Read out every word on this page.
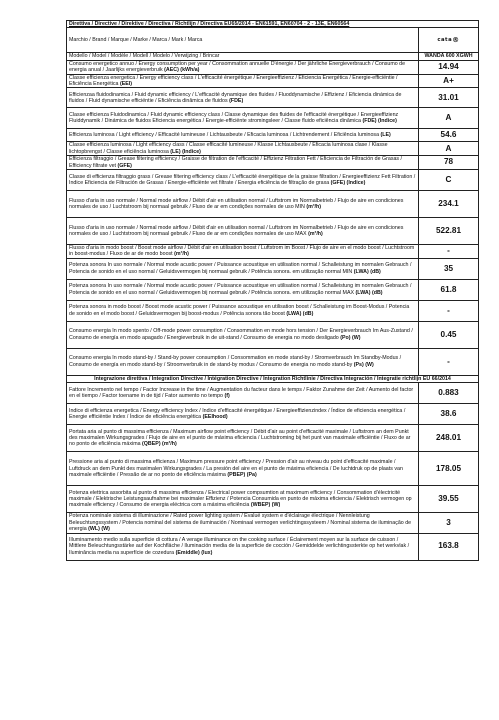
Direttiva / Directive / Direktive / Directiva / Richtlijn / Directiva EU65/2014 - EN61591, EN60704 - 2 - 13E, EN60564	
Marchio / Brand / Marque / Marke / Marca / Mark / Marca	cata®
Modello / Model / Modèle / Modell / Modelo / Verwijzing / Brincar	WANDA 600 XGWH
Consumo energetico annuo / Energy consumption per year / Consommation annuelle D'énergie / Der jährliche Energieverbrauch / Consumo de energia anual / Jaarlijks energieverbruik (AEC) (kWh/a)	14.94
Classe efficienza energetica / Energy efficiency class / L'efficacité énergétique / Energieeffizienz / Eficiencia Energética / Energie-efficiëntie / Eficiência Energética (EEI)	A+
Efficienzaa fluidodinamica / Fluid dynamic efficiency / L'efficacité dynamique des fluides / Fluoddynamische / Effizienz / Eficiencia dinámica de fluidos / Fluid dynamische efficiëntie / Eficiência dinâmica de fluidos (FDE)	31.01
Classe efficienza Fluidodinamica / Fluid dynamic efficiency class / Classe dynamique des fluides de l'efficacité énergétique / Energieeffizienz Fluiddynamik / Dinámica de fluidos Eficiencia energética / Energie-efficiënte stromingsleer / Classe fluido eficiência dinâmica (FDE) (Indice)	A
Efficienza luminosa / Light efficiency / Efficacité lumineuse / Lichtausbeute / Eficacia luminosa / Lichtrendement / Eficiência luminosa (LE)	54.6
Classe efficienza luminosa / Light efficiency class / Classe efficacité lumineuse / Klasse Lichtausbeute / Eficacia luminosa clase / Klasse lichtopbrengst / Classe eficiência luminosa (LE) (Indice)	A
Efficienza filtraggio / Grease filtering efficiency / Graisse de filtration de l'efficacité / Effizienz Filtration Fett / Eficiencia de Filtración de Grasas / Efficiency filtrate vet (GFE)	78
Classe di efficienza filtraggio grass / Grease filtering efficiency class / L'efficacité énergétique de la graisse filtration / Energieeffizienz Fett Filtration / Indice Eficiencia de Filtración de Grasas / Energie-efficiënte vet filtrate / Energia eficiência de filtração de graxa (GFE) (Indice)	C
Flusso d'aria in uso normale / Normal mode airflow / Débit d'air en utilisation normal / Luftstrom im Normalbetrieb / Flujo de aire en condiciones normales de uso / Luchtstroom bij normaal gebruik / Fluxo de ar em condições normales de uso MIN (m³/h)	234.1
Flusso d'aria in uso normale / Normal mode airflow / Débit d'air en utilisation normal / Luftstrom im Normalbetrieb / Flujo de aire en condiciones normales de uso / Luchtstroom bij normaal gebruik / Fluxo de ar em condições normales de uso MAX (m³/h)	522.81
Flusso d'aria in modo boost / Boost mode airflow / Débit d'air en utilisation boost / Luftstrom im Boost / Flujo de aire en el modo boost / Luchtstroom in boost-modus / Fluxo de ar de modo boost (m³/h)	-
Potenza sonora In uso normale / Normal mode acustic power / Puissance acoustique en utilisation normal / Schalleistung im normalen Gebrauch / Potencia de sonido en el uso normal / Geluidsvermogen bij normaal gebruik / Potência sonora. em utilização normal MIN (LWA) (dB)	35
Potenza sonora In uso normale / Normal mode acustic power / Puissance acoustique en utilisation normal / Schalleistung im normalen Gebrauch / Potencia de sonido en el uso normal / Geluidsvermogen bij normaal gebruik / Potência sonora. em utilização normal MAX (LWA) (dB)	61.8
Potenza sonora in modo boost / Boost mode acustic power / Puissance acoustique en utilisation boost / Schalleistung im Boost-Modus / Potencia de sonido en el modo boost / Geluidsvermogen bij boost-modus / Potência sonora tão boost (LWA) (dB)	-
Consumo energia In modo spento / Off-mode power consumption / Consommation en mode hors tension / Der Energieverbrauch Im Aus-Zustand / Consumo de energía en modo apagado / Energieverbruik in de uit-stand / Consumo de energia no modo desligado (Po) (W)	0.45
Consumo energia In modo stand-by / Stand-by power consumption / Consommation en mode stand-by / Stromverbrauch Im Standby-Modus / Consumo de energía en modo stand-by / Stroomverbruik in de stand-by modus / Consumo de energia no modo stand-by (Ps) (W)	-
Integrazione direttiva / Integration Directive / Intégration Directive / Integration Richtlinie / Directiva Integración / Integratie richtlijn EU 66/2014	
Fattore Incremento nel tempo / Factor Increase in the time / Augmentation du facteur dans le temps / Faktor Zunahme der Zeit / Aumento del factor en el tiempo / Factor toename in de tijd / Fator aumento no tempo (f)	0.883
Indice di efficienza energetica / Energy efficiency Index / Indice d'efficacité énergétique / Energieeffizienzindex / Índice de eficiencia energética / Energie efficiëntie Index / Índice de eficiência energética (EEIhood)	38.6
Portata aria al punto di massima efficienza / Maximum airflow point efficiency / Débit d'air au point d'efficacité maximale / Luftstrom an dem Punkt des maximalen Wirkungsgrades / Flujo de aire en el punto de máxima eficiencia / Luchtstroming bij het punt van maximale efficiëntie / Fluxo de ar no ponto de eficiência máxima (QBEP) (m³/h)	248.01
Pressione aria al punto di massima efficienza / Maximum pressure point efficiency / Pression d'air au niveau du point d'efficacité maximale / Luftdruck an dem Punkt des maximalen Wirkungsgrades / La presión del aire en el punto de máxima eficiencia / De luchtdruk op de plaats van maximale efficiëntie / Pressão de ar no ponto de eficiência máxima (PBEP) (Pa)	178.05
Potenza elettrica assorbita al punto di massima efficienza / Electrical power compsumtion at maximum efficiency / Consommation d'électricité maximale / Elektrische Leistungsaufnahme bei maximaler Effizienz / Potencia Consumida en punto de máxima eficiencia / Elektrisch vermogen op maximale efficiency / Consumo de energia eléctrica com a máxima eficiência (WBEP) (W)	39.55
Potenza nominale sistema di illuminazione / Rated power lighting system / Évalué system e d'éclairage électrique / Nennleistung Beleuchtungssystem / Potencia nominal del sistema de iluminación / Nominaal vermogen verlichtingssysteem / Nominal sistema de iluminação de energia (WL) (W)	3
Illuminamento medio sulla superficie di cottura / A verage illuminance on the cooking surface / Éclairement moyen sur la surface de cuisson / Mittlere Beleuchtungsstärke auf der Kochfläche / Iluminación media de la superficie de cocción / Gemiddelde verlichtingssterkte op het werkvlak / Iluminância media na superfície de cozedura (Emiddle) (lux)	163.8
